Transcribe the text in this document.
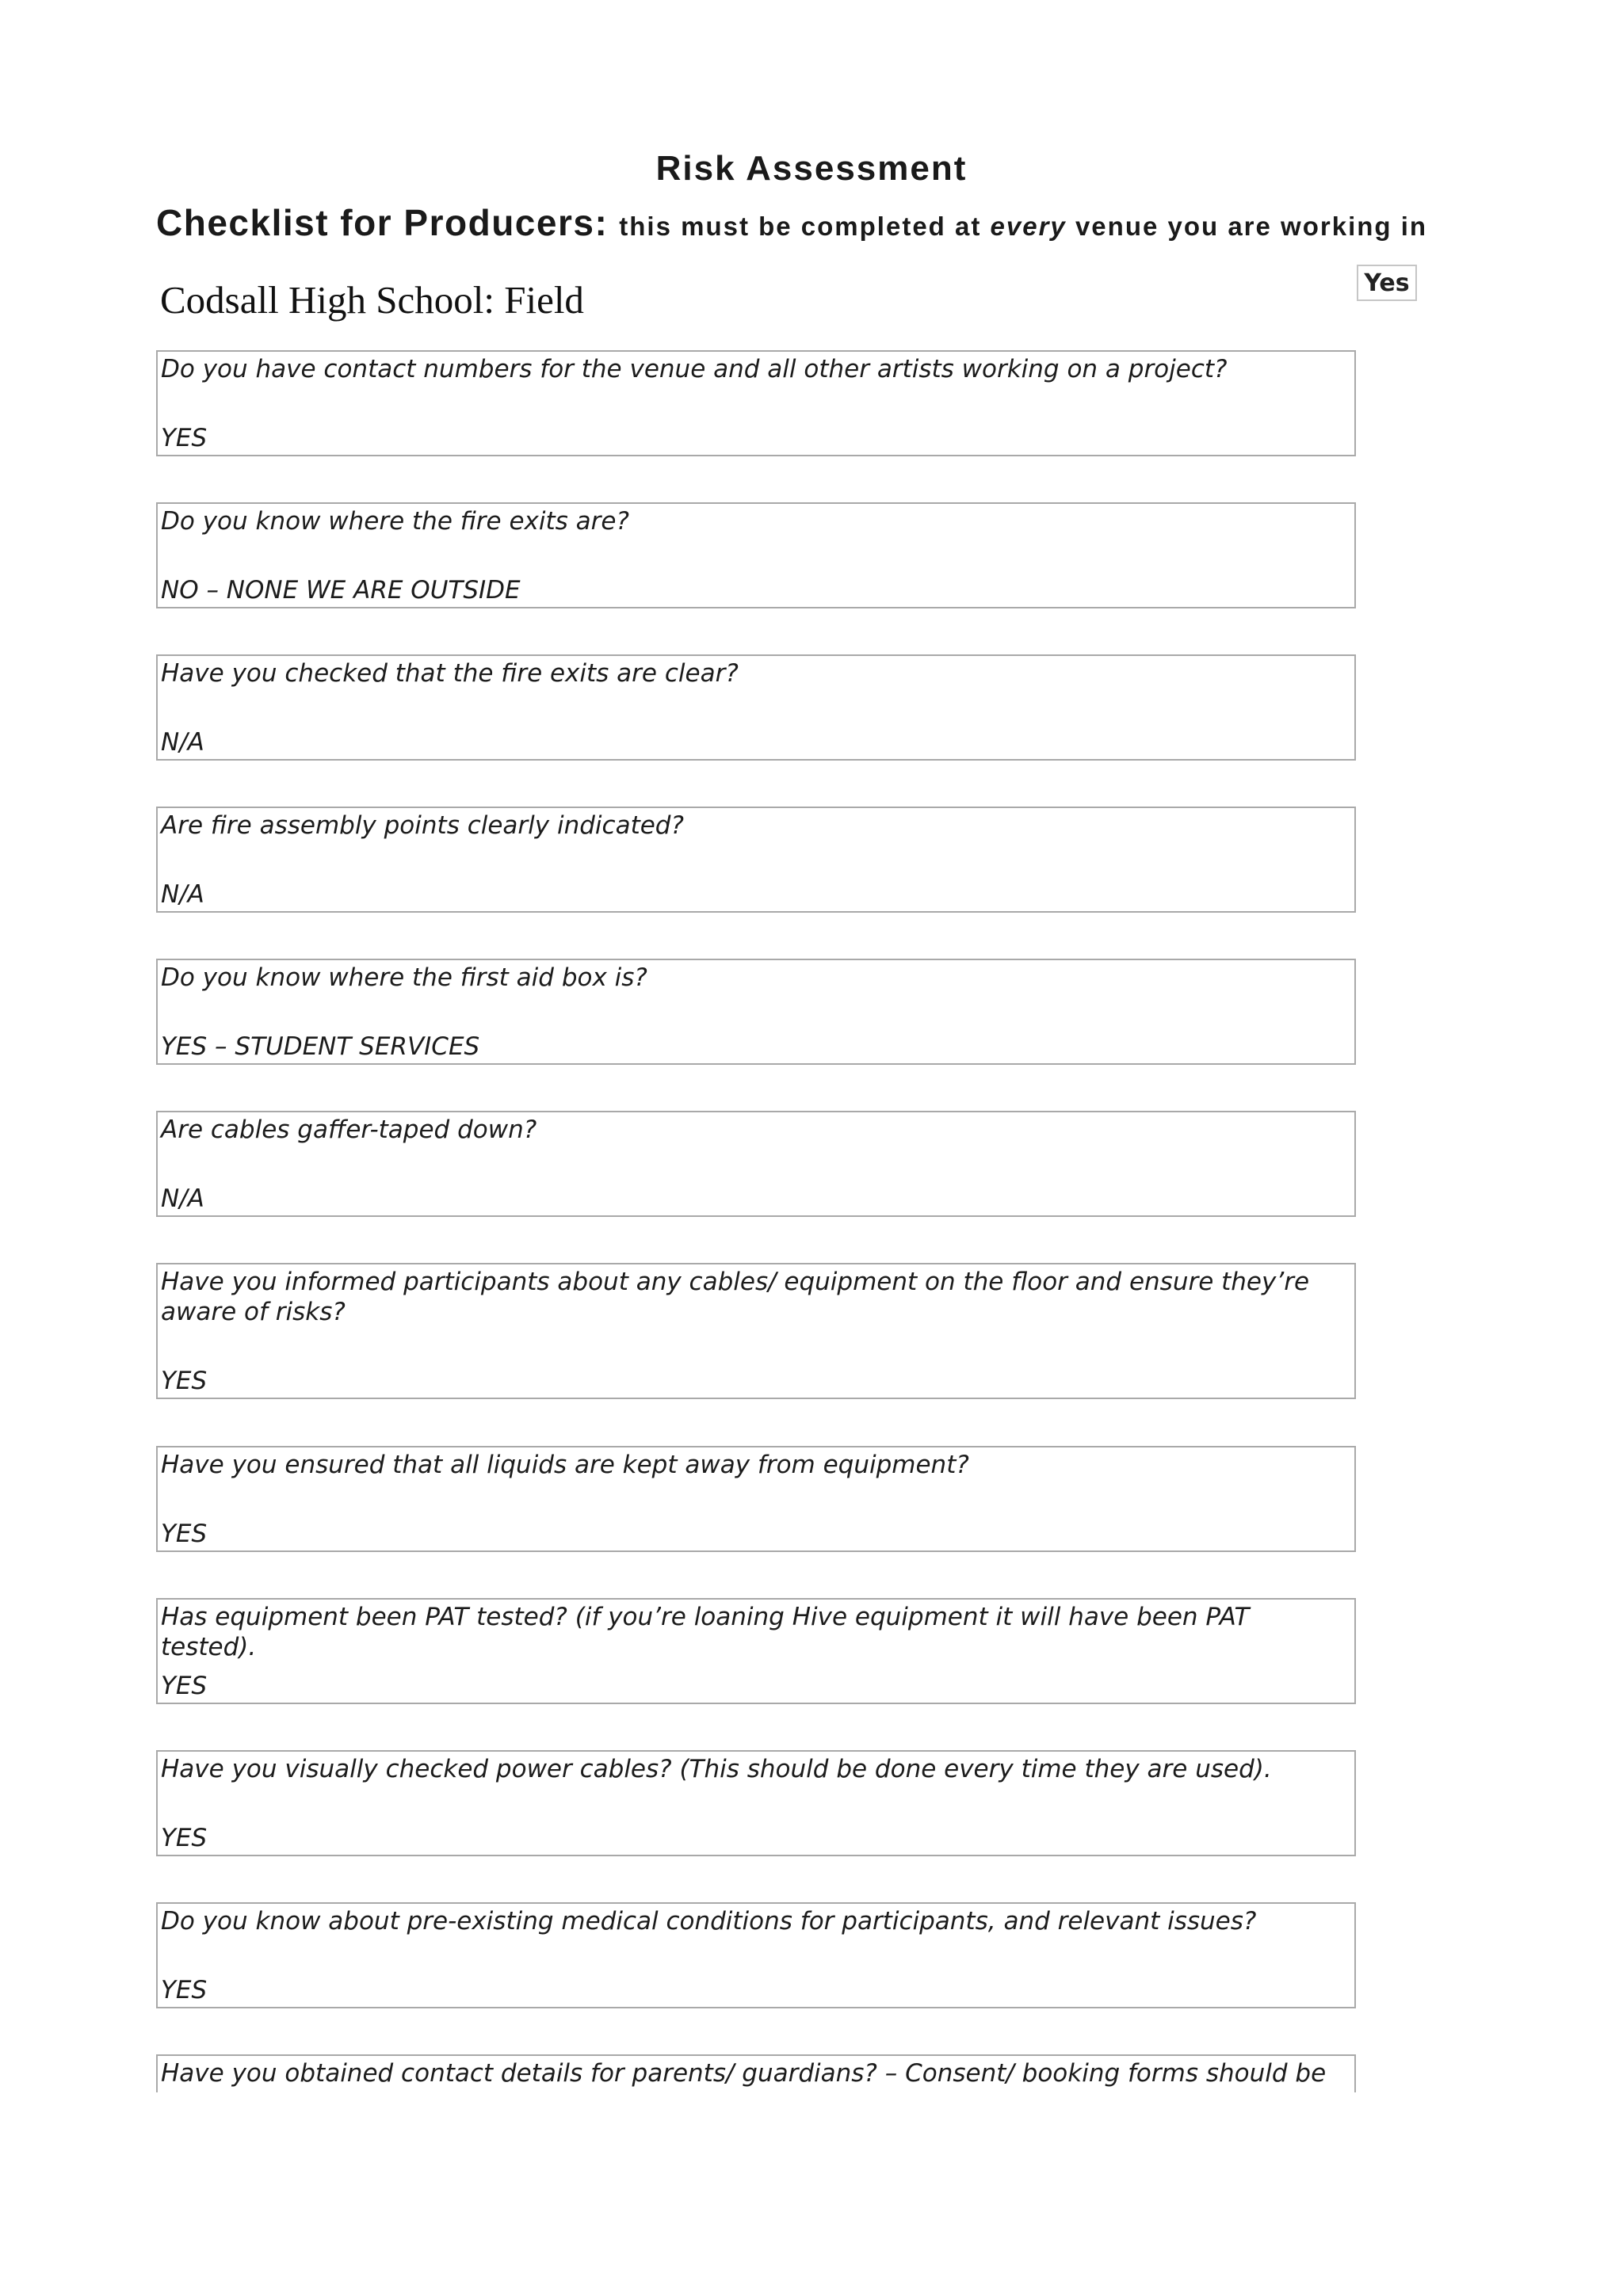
Risk Assessment
Checklist for Producers: this must be completed at every venue you are working in
Yes
Codsall High School: Field
Do you have contact numbers for the venue and all other artists working on a project?
YES
Do you know where the fire exits are?
NO – NONE WE ARE OUTSIDE
Have you checked that the fire exits are clear?
N/A
Are fire assembly points clearly indicated?
N/A
Do you know where the first aid box is?
YES – STUDENT SERVICES
Are cables gaffer-taped down?
N/A
Have you informed participants about any cables/ equipment on the floor and ensure they’re aware of risks?
YES
Have you ensured that all liquids are kept away from equipment?
YES
Has equipment been PAT tested? (if you’re loaning Hive equipment it will have been PAT tested).
YES
Have you visually checked power cables? (This should be done every time they are used).
YES
Do you know about pre-existing medical conditions for participants, and relevant issues?
YES
Have you obtained contact details for parents/ guardians? – Consent/ booking forms should be
